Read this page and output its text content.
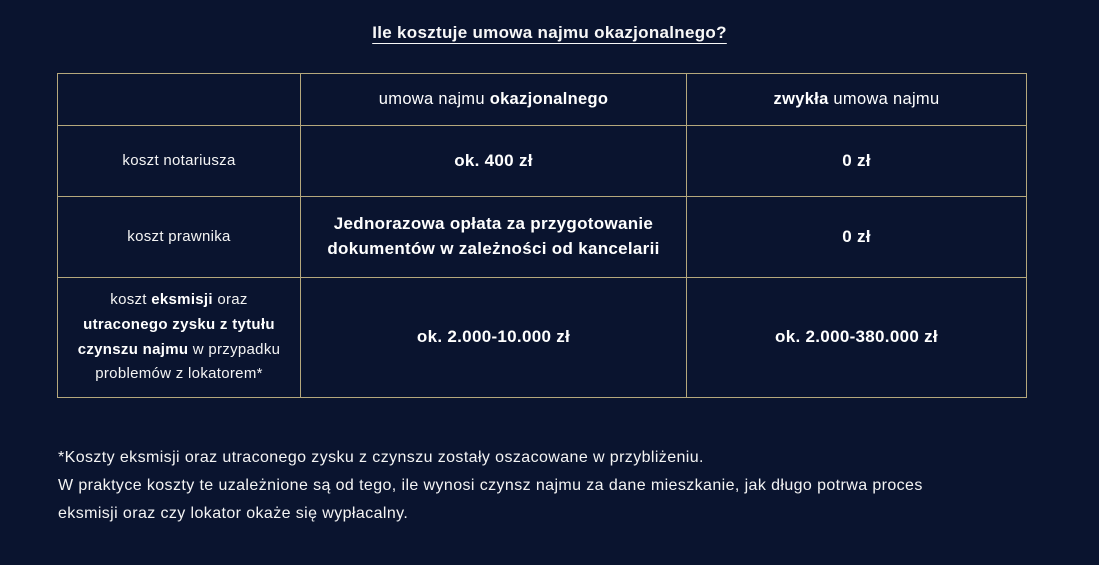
Ile kosztuje umowa najmu okazjonalnego?
	umowa najmu okazjonalnego	zwykła umowa najmu
koszt notariusza	ok. 400 zł	0 zł
koszt prawnika	Jednorazowa opłata za przygotowanie dokumentów w zależności od kancelarii	0 zł
koszt eksmisji oraz utraconego zysku z tytułu czynszu najmu w przypadku problemów z lokatorem*	ok. 2.000-10.000 zł	ok. 2.000-380.000 zł

*Koszty eksmisji oraz utraconego zysku z czynszu zostały oszacowane w przybliżeniu.

W praktyce koszty te uzależnione są od tego, ile wynosi czynsz najmu za dane mieszkanie, jak długo potrwa proces eksmisji oraz czy lokator okaże się wypłacalny.
